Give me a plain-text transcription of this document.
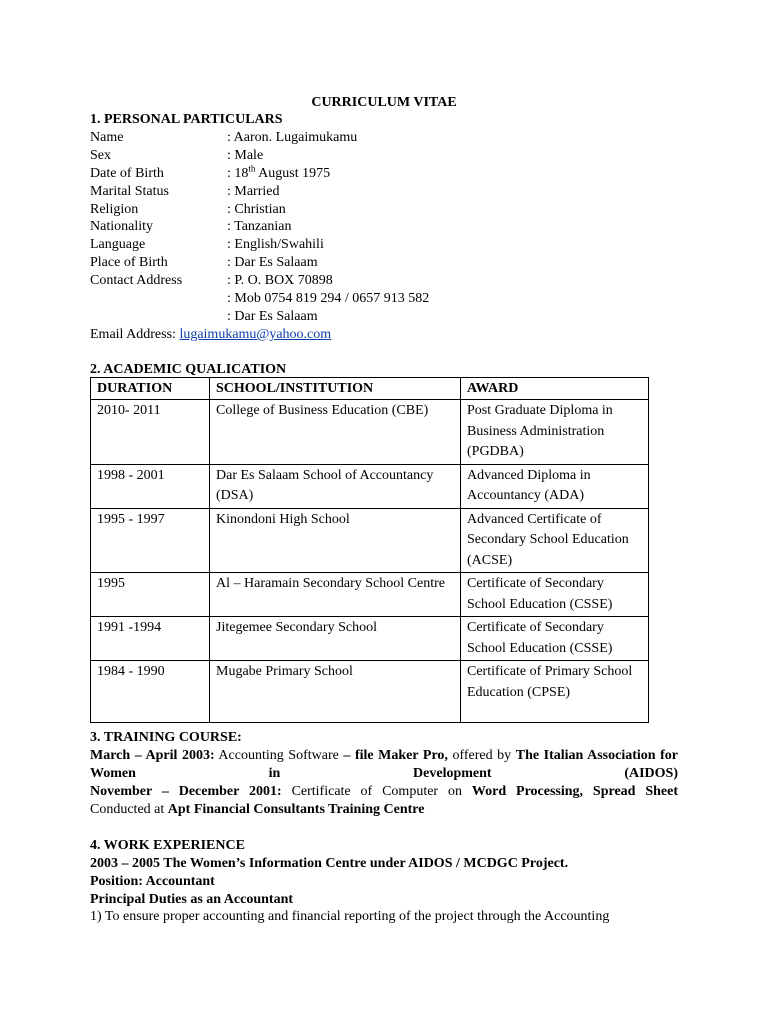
CURRICULUM VITAE
1. PERSONAL PARTICULARS
Name	: Aaron. Lugaimukamu
Sex	: Male
Date of Birth	: 18th August 1975
Marital Status	: Married
Religion	: Christian
Nationality	: Tanzanian
Language	: English/Swahili
Place of Birth	: Dar Es Salaam
Contact Address	: P. O. BOX 70898
: Mob 0754 819 294 / 0657 913 582
: Dar Es Salaam
Email Address: lugaimukamu@yahoo.com
2. ACADEMIC QUALICATION
DURATION	SCHOOL/INSTITUTION	AWARD
2010- 2011	College of Business Education (CBE)	Post Graduate Diploma in Business Administration (PGDBA)
1998 - 2001	Dar Es Salaam School of Accountancy (DSA)	Advanced Diploma in Accountancy (ADA)
1995 - 1997	Kinondoni High School	Advanced Certificate of Secondary School Education (ACSE)
1995	Al – Haramain Secondary School Centre	Certificate of Secondary School Education (CSSE)
1991 -1994	Jitegemee Secondary School	Certificate of Secondary School Education (CSSE)
1984 - 1990	Mugabe Primary School	Certificate of Primary School Education (CPSE)
3. TRAINING COURSE:
March – April 2003: Accounting Software – file Maker Pro, offered by The Italian Association for Women in Development (AIDOS)
November – December 2001: Certificate of Computer on Word Processing, Spread Sheet
Conducted at Apt Financial Consultants Training Centre
4. WORK EXPERIENCE
2003 – 2005 The Women’s Information Centre under AIDOS / MCDGC Project.
Position: Accountant
Principal Duties as an Accountant
1) To ensure proper accounting and financial reporting of the project through the Accounting
